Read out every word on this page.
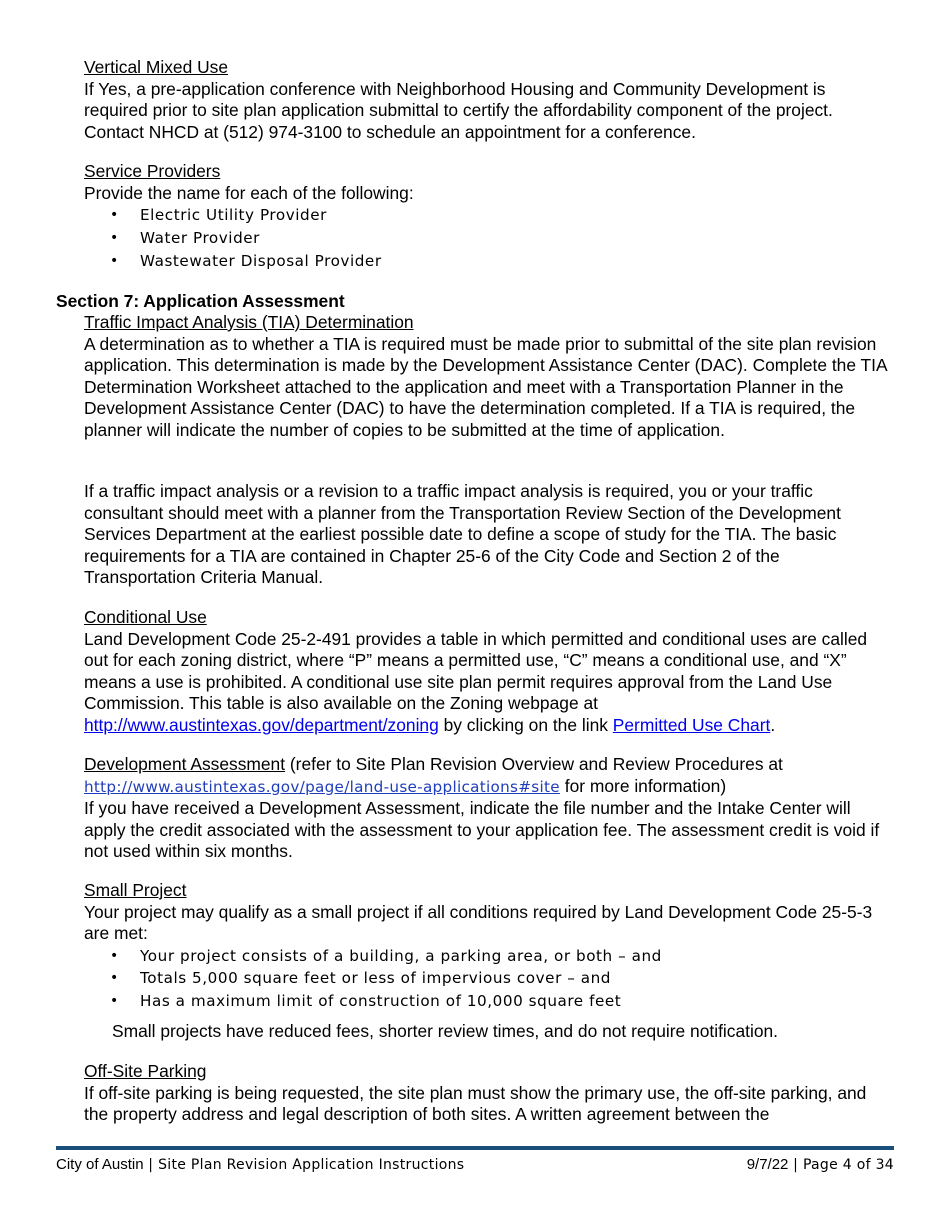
Vertical Mixed Use
If Yes, a pre-application conference with Neighborhood Housing and Community Development is required prior to site plan application submittal to certify the affordability component of the project. Contact NHCD at (512) 974-3100 to schedule an appointment for a conference.
Service Providers
Provide the name for each of the following:
• Electric Utility Provider
• Water Provider
• Wastewater Disposal Provider
Section 7: Application Assessment
Traffic Impact Analysis (TIA) Determination
A determination as to whether a TIA is required must be made prior to submittal of the site plan revision application. This determination is made by the Development Assistance Center (DAC). Complete the TIA Determination Worksheet attached to the application and meet with a Transportation Planner in the Development Assistance Center (DAC) to have the determination completed. If a TIA is required, the planner will indicate the number of copies to be submitted at the time of application.
If a traffic impact analysis or a revision to a traffic impact analysis is required, you or your traffic consultant should meet with a planner from the Transportation Review Section of the Development Services Department at the earliest possible date to define a scope of study for the TIA. The basic requirements for a TIA are contained in Chapter 25-6 of the City Code and Section 2 of the Transportation Criteria Manual.
Conditional Use
Land Development Code 25-2-491 provides a table in which permitted and conditional uses are called out for each zoning district, where “P” means a permitted use, “C” means a conditional use, and “X” means a use is prohibited. A conditional use site plan permit requires approval from the Land Use Commission. This table is also available on the Zoning webpage at
http://www.austintexas.gov/department/zoning by clicking on the link Permitted Use Chart.
Development Assessment (refer to Site Plan Revision Overview and Review Procedures at
http://www.austintexas.gov/page/land-use-applications#site for more information)
If you have received a Development Assessment, indicate the file number and the Intake Center will apply the credit associated with the assessment to your application fee. The assessment credit is void if not used within six months.
Small Project
Your project may qualify as a small project if all conditions required by Land Development Code 25-5-3 are met:
• Your project consists of a building, a parking area, or both – and
• Totals 5,000 square feet or less of impervious cover – and
• Has a maximum limit of construction of 10,000 square feet
Small projects have reduced fees, shorter review times, and do not require notification.
Off-Site Parking
If off-site parking is being requested, the site plan must show the primary use, the off-site parking, and the property address and legal description of both sites. A written agreement between the
City of Austin | Site Plan Revision Application Instructions	9/7/22 | Page 4 of 34
